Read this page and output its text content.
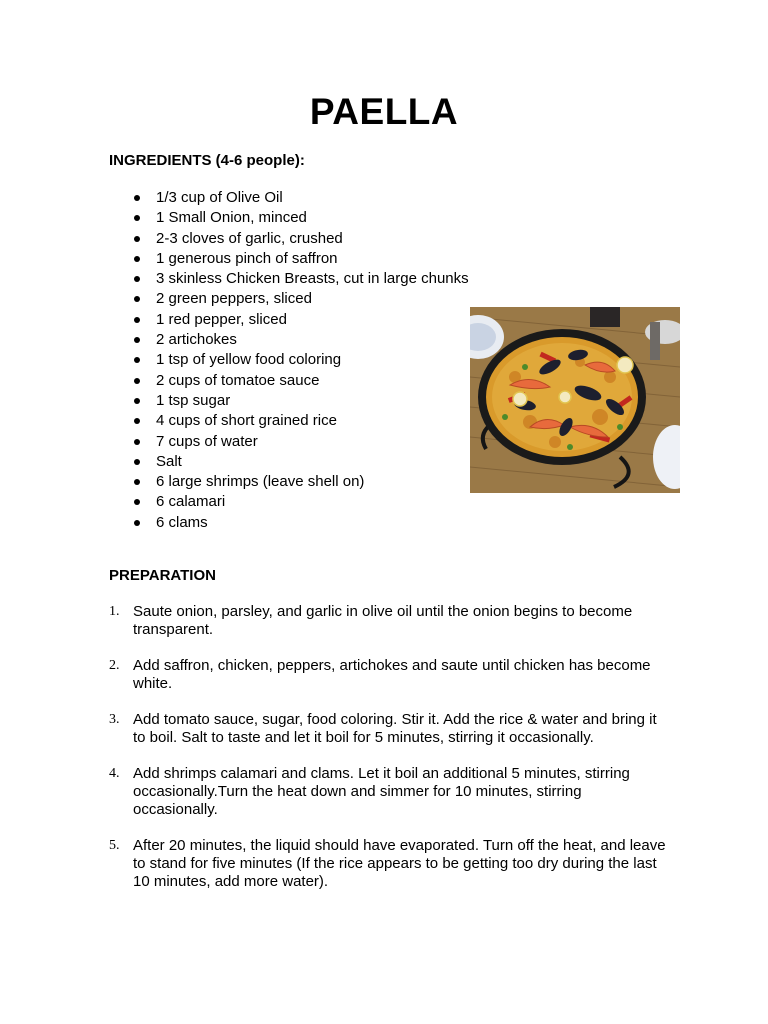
PAELLA
INGREDIENTS (4-6 people):
1/3 cup of Olive Oil
1 Small Onion, minced
2-3 cloves of garlic, crushed
1 generous pinch of saffron
3 skinless Chicken Breasts, cut in large chunks
2 green peppers, sliced
1 red pepper, sliced
2 artichokes
1 tsp of yellow food coloring
2 cups of tomatoe sauce
1 tsp sugar
4 cups of short grained rice
7 cups of water
Salt
6 large shrimps (leave shell on)
6 calamari
6 clams
PREPARATION
1. Saute onion, parsley, and garlic in olive oil until the onion begins to become transparent.
2. Add saffron, chicken, peppers, artichokes and saute until chicken has become white.
3. Add tomato sauce, sugar, food coloring. Stir it. Add the rice & water and bring it to boil. Salt to taste and let it boil for 5 minutes, stirring it occasionally.
4. Add shrimps calamari and clams. Let it boil an additional 5 minutes, stirring occasionally.Turn the heat down and simmer for 10 minutes, stirring occasionally.
5. After 20 minutes, the liquid should have evaporated. Turn off the heat, and leave to stand for five minutes (If the rice appears to be getting too dry during the last 10 minutes, add more water).
